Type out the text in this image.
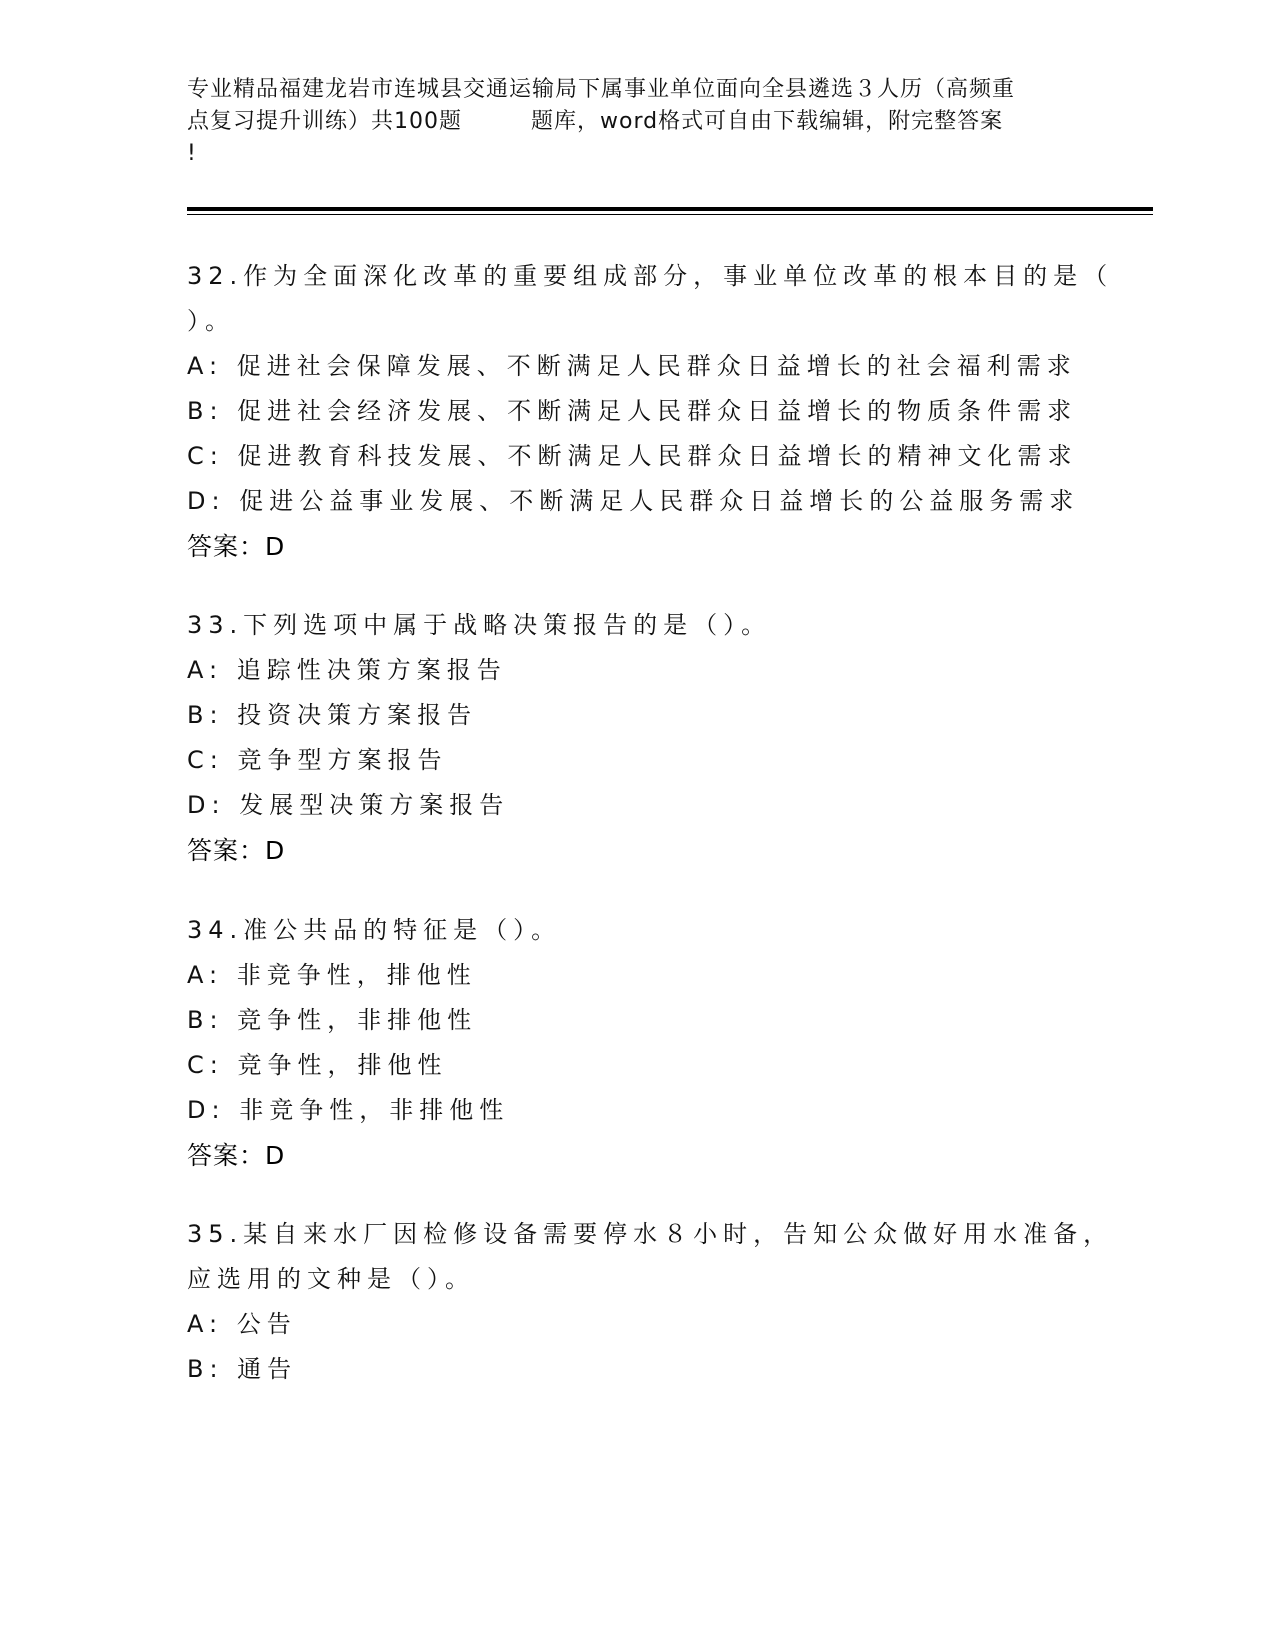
专业精品福建龙岩市连城县交通运输局下属事业单位面向全县遴选３人历（高频重
点复习提升训练）共100题　　　题库，word格式可自由下载编辑，附完整答案
!
32.作为全面深化改革的重要组成部分，事业单位改革的根本目的是（
）。
A: 促进社会保障发展、不断满足人民群众日益增长的社会福利需求
B: 促进社会经济发展、不断满足人民群众日益增长的物质条件需求
C: 促进教育科技发展、不断满足人民群众日益增长的精神文化需求
D: 促进公益事业发展、不断满足人民群众日益增长的公益服务需求
答案：D
33.下列选项中属于战略决策报告的是（）。
A: 追踪性决策方案报告
B: 投资决策方案报告
C: 竞争型方案报告
D: 发展型决策方案报告
答案：D
34.准公共品的特征是（）。
A: 非竞争性，排他性
B: 竞争性，非排他性
C: 竞争性，排他性
D: 非竞争性，非排他性
答案：D
35.某自来水厂因检修设备需要停水８小时，告知公众做好用水准备，
应选用的文种是（）。
A: 公告
B: 通告
